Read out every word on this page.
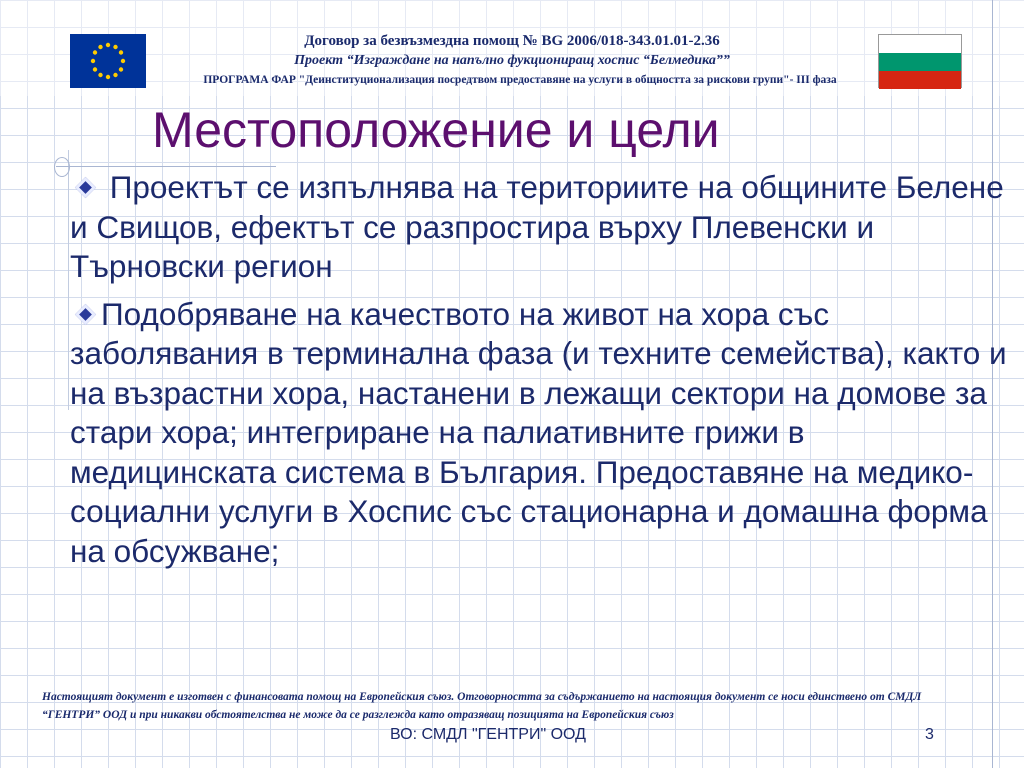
Договор за безвъзмездна помощ № BG 2006/018-343.01.01-2.36
Проект “Изграждане на напълно фукциониращ хоспис “Белмедика””
ПРОГРАМА ФАР "Деинституционализация посредтвом предоставяне на услуги в общността за рискови групи"- III фаза
Местоположение и цели

Проектът се изпълнява на териториите на общините Белене и Свищов, ефектът се разпростира върху Плевенски и Търновски регион

Подобряване на качеството на живот на хора със заболявания в терминална фаза (и техните семейства), както и на възрастни хора, настанени в лежащи сектори на домове за стари хора; интегриране на палиативните грижи в медицинската система в България. Предоставяне на медико-социални услуги в Хоспис със стационарна и домашна форма на обсужване;

Настоящият документ е изготвен с финансовата помощ на Европейския съюз. Отговорността за съдържанието на настоящия документ се носи единствено от СМДЛ “ГЕНТРИ” ООД и при никакви обстоятелства не може да се разглежда като отразяващ позицията на Европейския съюз
ВО: СМДЛ "ГЕНТРИ" ООД	3
